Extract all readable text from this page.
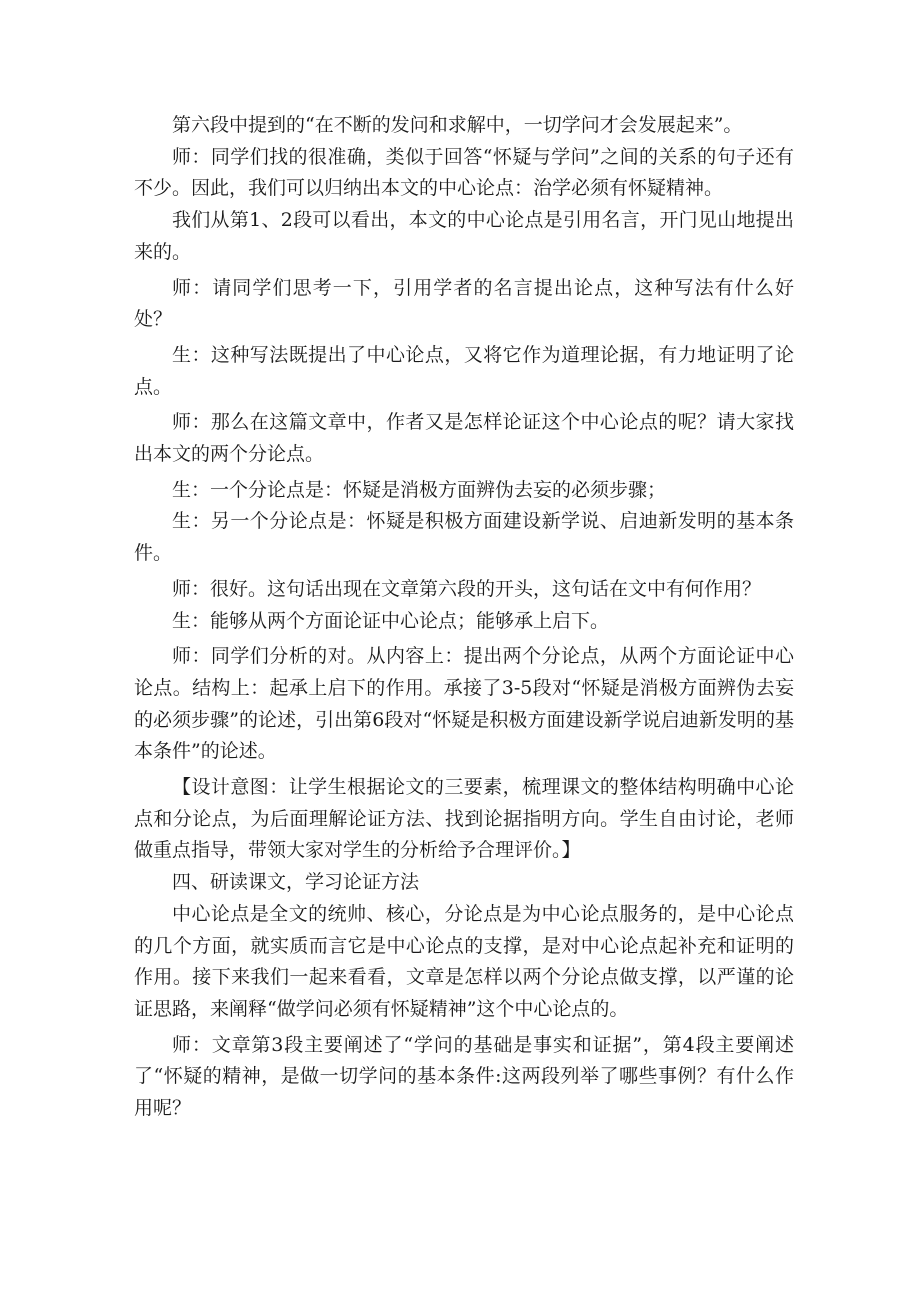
第六段中提到的“在不断的发问和求解中，一切学问才会发展起来”。

师：同学们找的很准确，类似于回答“怀疑与学问”之间的关系的句子还有不少。因此，我们可以归纳出本文的中心论点：治学必须有怀疑精神。

我们从第1、2段可以看出，本文的中心论点是引用名言，开门见山地提出来的。

师：请同学们思考一下，引用学者的名言提出论点，这种写法有什么好处？

生：这种写法既提出了中心论点，又将它作为道理论据，有力地证明了论点。

师：那么在这篇文章中，作者又是怎样论证这个中心论点的呢？请大家找出本文的两个分论点。

生：一个分论点是：怀疑是消极方面辨伪去妄的必须步骤；

生：另一个分论点是：怀疑是积极方面建设新学说、启迪新发明的基本条件。

师：很好。这句话出现在文章第六段的开头，这句话在文中有何作用？

生：能够从两个方面论证中心论点；能够承上启下。

师：同学们分析的对。从内容上：提出两个分论点，从两个方面论证中心论点。结构上：起承上启下的作用。承接了3-5段对“怀疑是消极方面辨伪去妄的必须步骤”的论述，引出第6段对“怀疑是积极方面建设新学说启迪新发明的基本条件”的论述。

【设计意图：让学生根据论文的三要素，梳理课文的整体结构明确中心论点和分论点，为后面理解论证方法、找到论据指明方向。学生自由讨论，老师做重点指导，带领大家对学生的分析给予合理评价。】

四、研读课文，学习论证方法

中心论点是全文的统帅、核心，分论点是为中心论点服务的，是中心论点的几个方面，就实质而言它是中心论点的支撑，是对中心论点起补充和证明的作用。接下来我们一起来看看，文章是怎样以两个分论点做支撑，以严谨的论证思路，来阐释“做学问必须有怀疑精神”这个中心论点的。

师：文章第3段主要阐述了“学问的基础是事实和证据”，第4段主要阐述了“怀疑的精神，是做一切学问的基本条件:这两段列举了哪些事例？有什么作用呢？
